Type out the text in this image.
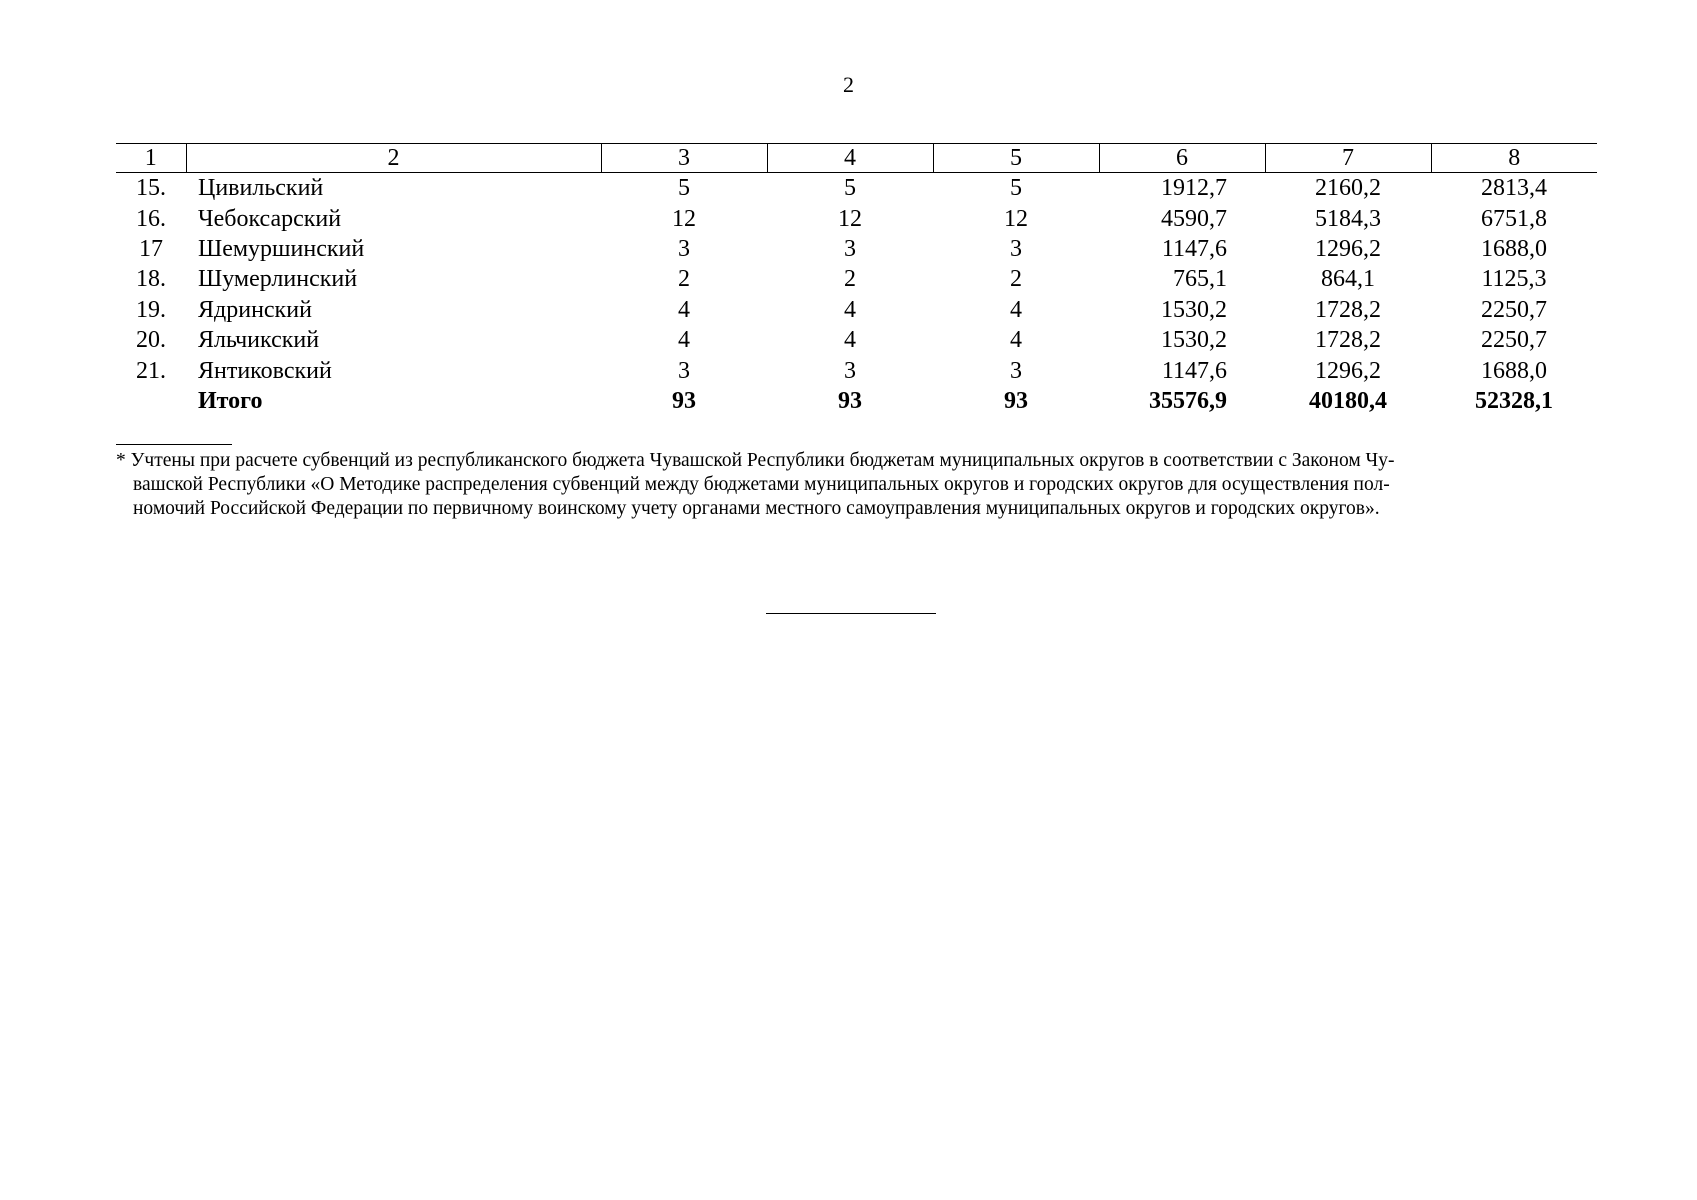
2
1	2	3	4	5	6	7	8
15.	Цивильский	5	5	5	1912,7	2160,2	2813,4
16.	Чебоксарский	12	12	12	4590,7	5184,3	6751,8
17	Шемуршинский	3	3	3	1147,6	1296,2	1688,0
18.	Шумерлинский	2	2	2	765,1	864,1	1125,3
19.	Ядринский	4	4	4	1530,2	1728,2	2250,7
20.	Яльчикский	4	4	4	1530,2	1728,2	2250,7
21.	Янтиковский	3	3	3	1147,6	1296,2	1688,0
	Итого	93	93	93	35576,9	40180,4	52328,1
* Учтены при расчете субвенций из республиканского бюджета Чувашской Республики бюджетам муниципальных округов в соответствии с Законом Чу-
вашской Республики «О Методике распределения субвенций между бюджетами муниципальных округов и городских округов для осуществления пол-
номочий Российской Федерации по первичному воинскому учету органами местного самоуправления муниципальных округов и городских округов».
